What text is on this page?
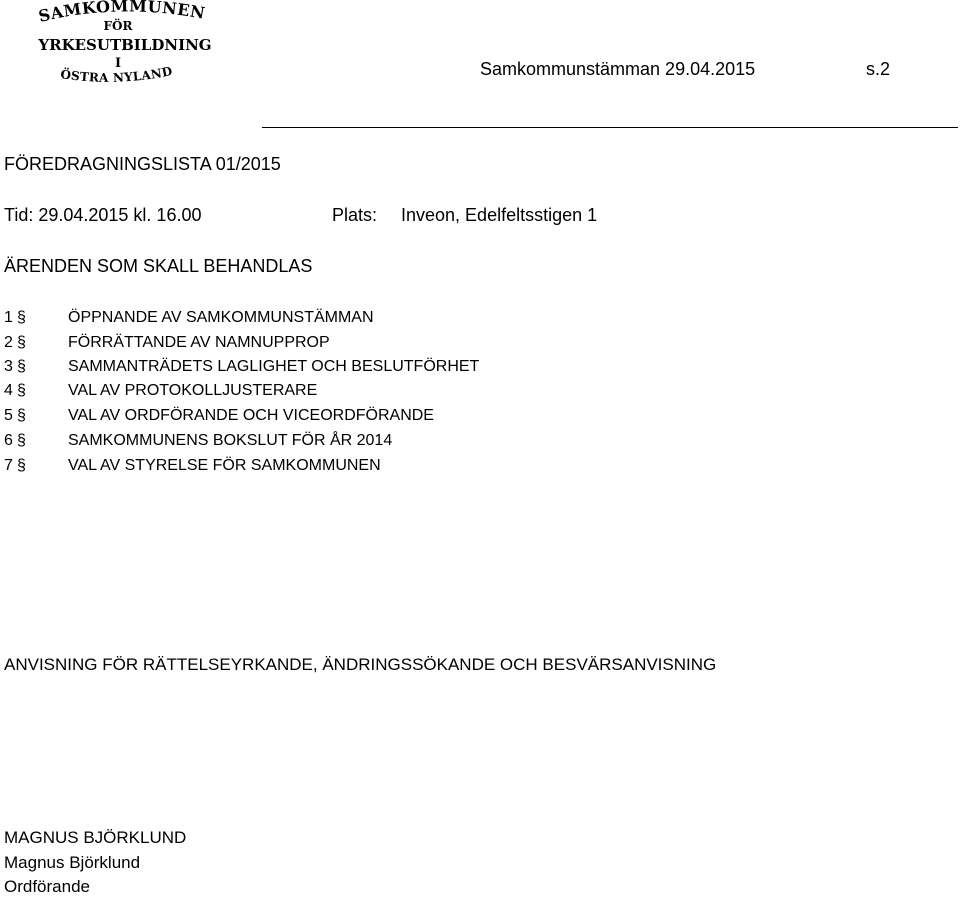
SAMKOMMUNEN
FÖR
YRKESUTBILDNING
I
ÖSTRA NYLAND	Samkommunstämman 29.04.2015	s.2
FÖREDRAGNINGSLISTA 01/2015
Tid: 29.04.2015 kl. 16.00	Plats: Inveon, Edelfeltsstigen 1
ÄRENDEN SOM SKALL BEHANDLAS
1 §	ÖPPNANDE AV SAMKOMMUNSTÄMMAN
2 §	FÖRRÄTTANDE AV NAMNUPPROP
3 §	SAMMANTRÄDETS LAGLIGHET OCH BESLUTFÖRHET
4 §	VAL AV PROTOKOLLJUSTERARE
5 §	VAL AV ORDFÖRANDE OCH VICEORDFÖRANDE
6 §	SAMKOMMUNENS BOKSLUT FÖR ÅR 2014
7 §	VAL AV STYRELSE FÖR SAMKOMMUNEN
ANVISNING FÖR RÄTTELSEYRKANDE, ÄNDRINGSSÖKANDE OCH BESVÄRSANVISNING
MAGNUS BJÖRKLUND
Magnus Björklund
Ordförande
